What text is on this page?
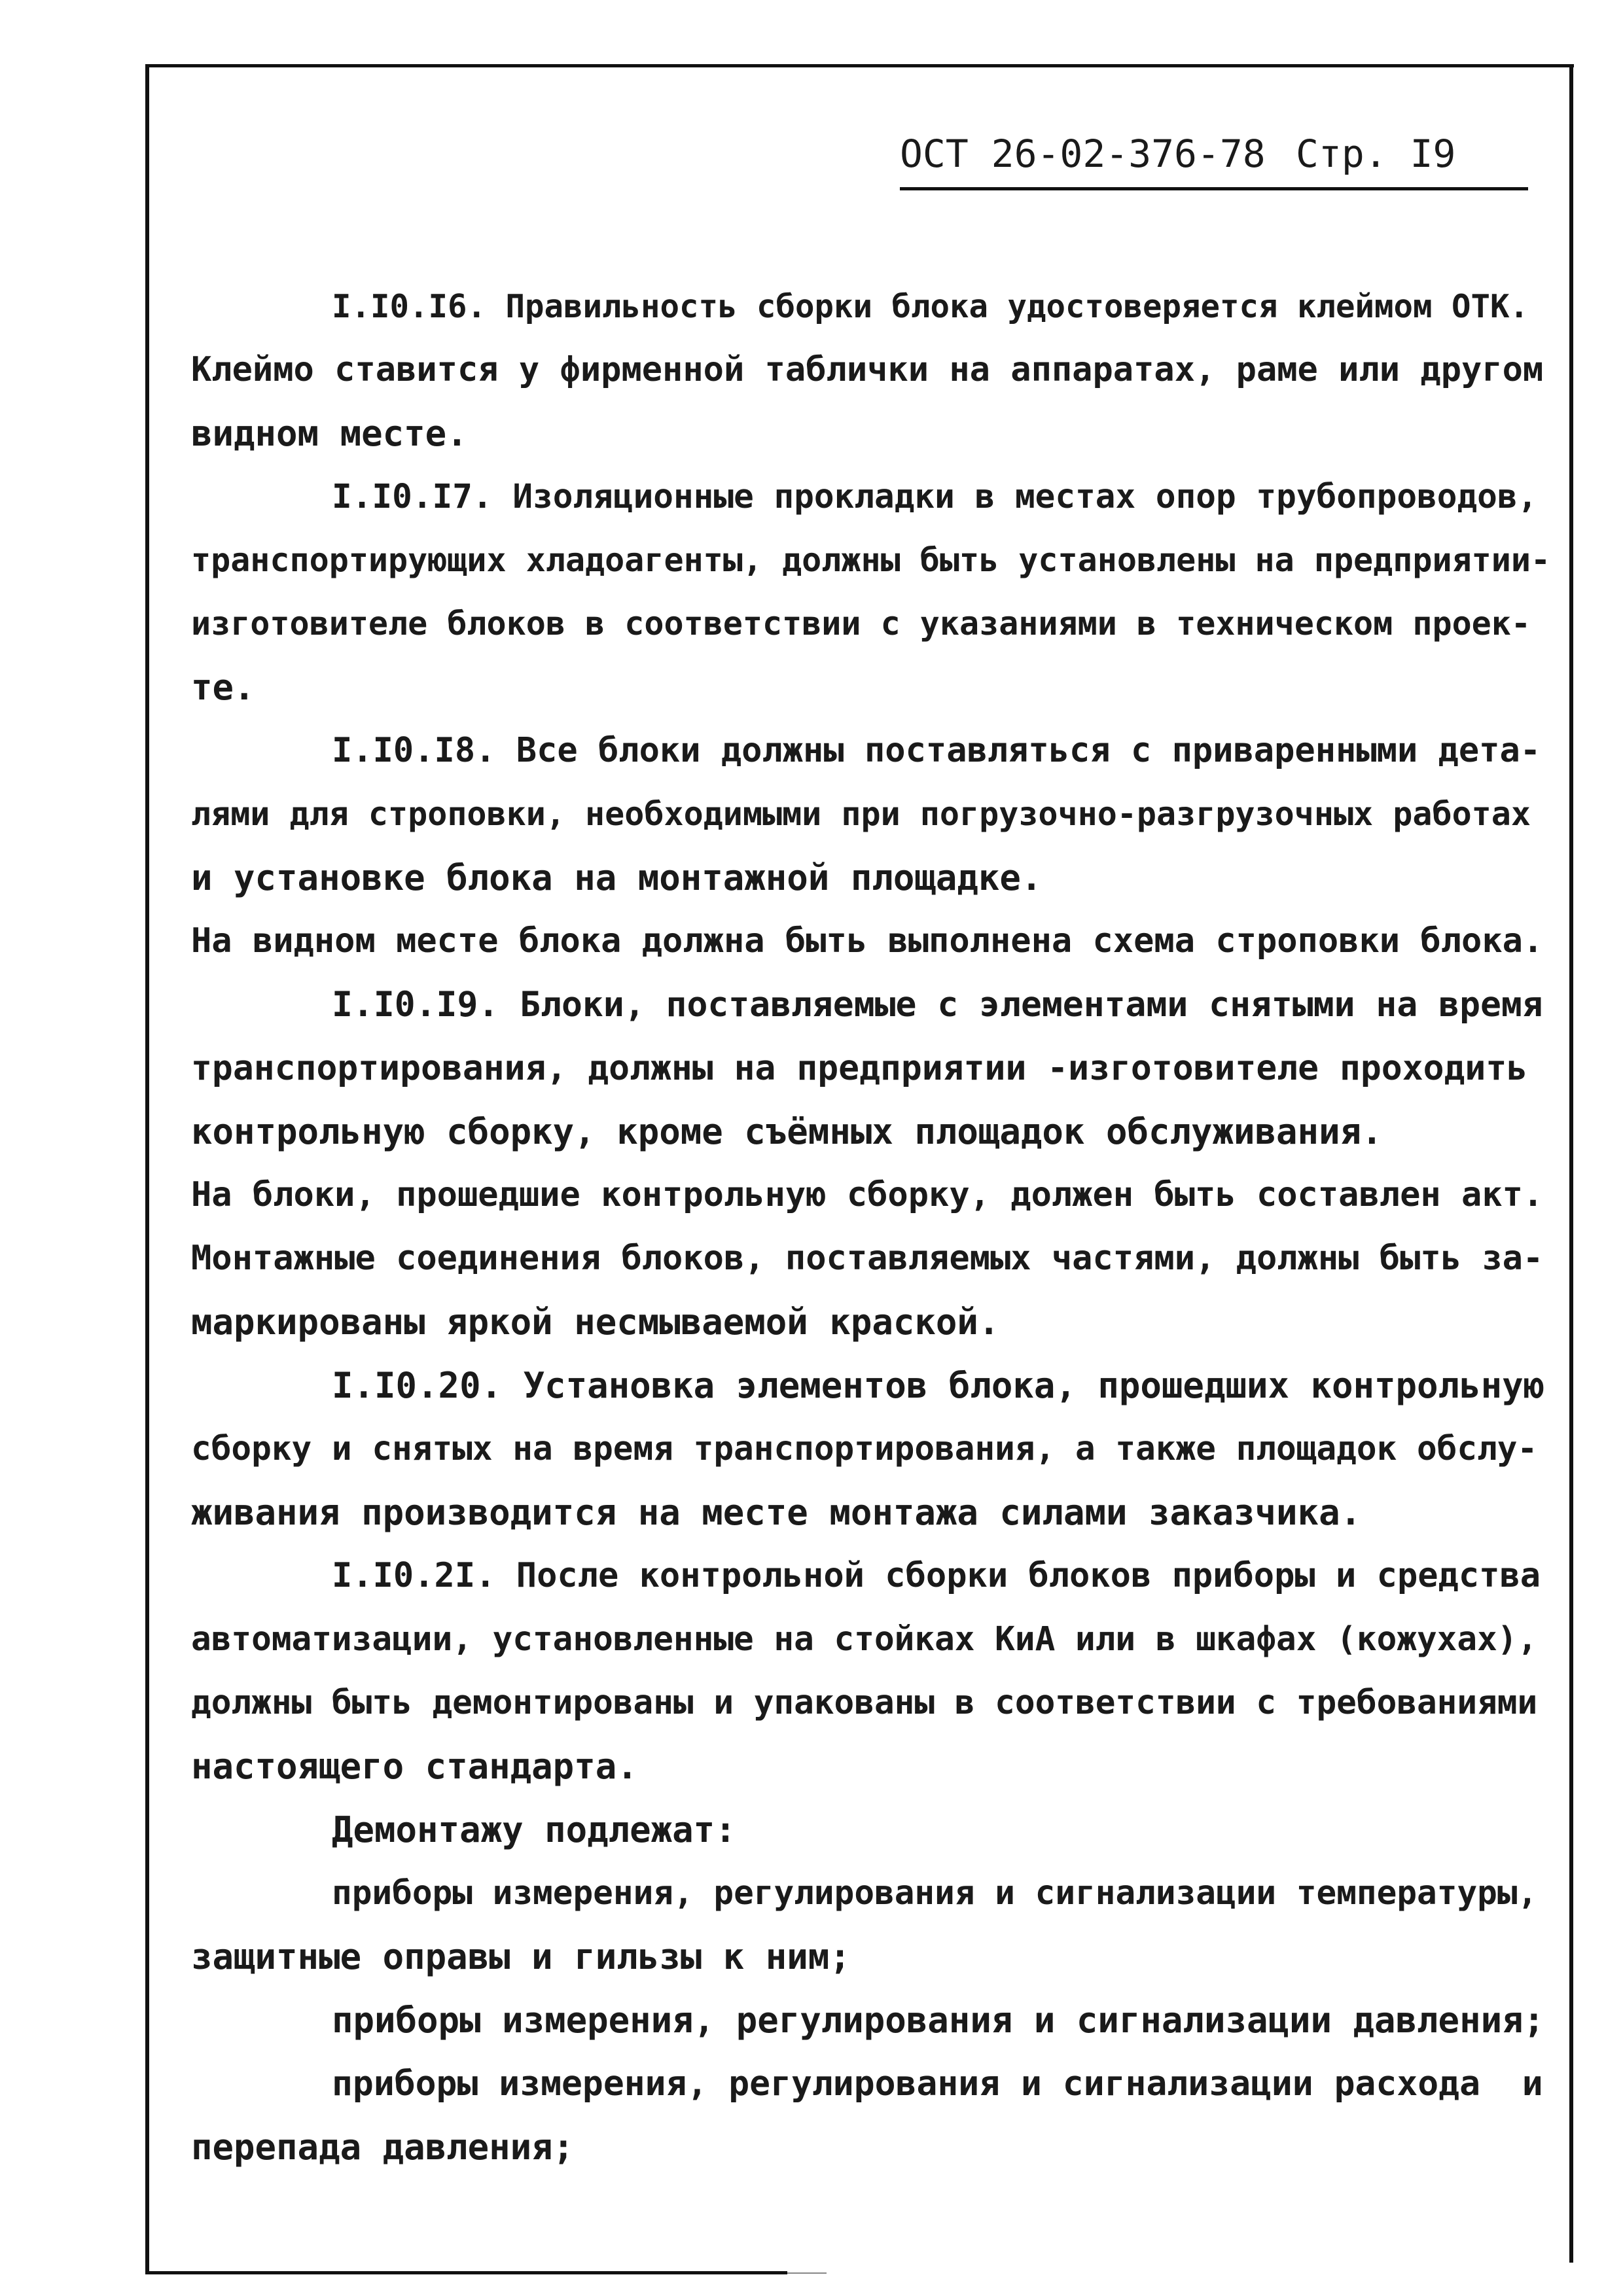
ОСТ 26-02-376-78

Стр. I9

I.I0.I6. Правильность сборки блока удостоверяется клеймом ОТК.
Клеймо ставится у фирменной таблички на аппаратах, раме или другом
видном месте.
I.I0.I7. Изоляционные прокладки в местах опор трубопроводов,
транспортирующих хладоагенты, должны быть установлены на предприятии-
изготовителе блоков в соответствии с указаниями в техническом проек-
те.
I.I0.I8. Все блоки должны поставляться с приваренными дета-
лями для строповки, необходимыми при погрузочно-разгрузочных работах
и установке блока на монтажной площадке.
На видном месте блока должна быть выполнена схема строповки блока.
I.I0.I9. Блоки, поставляемые с элементами снятыми на время
транспортирования, должны на предприятии -изготовителе проходить
контрольную сборку, кроме съёмных площадок обслуживания.
На блоки, прошедшие контрольную сборку, должен быть составлен акт.
Монтажные соединения блоков, поставляемых частями, должны быть за-
маркированы яркой несмываемой краской.
I.I0.20. Установка элементов блока, прошедших контрольную
сборку и снятых на время транспортирования, а также площадок обслу-
живания производится на месте монтажа силами заказчика.
I.I0.2I. После контрольной сборки блоков приборы и средства
автоматизации, установленные на стойках КиА или в шкафах (кожухах),
должны быть демонтированы и упакованы в соответствии с требованиями
настоящего стандарта.
Демонтажу подлежат:
приборы измерения, регулирования и сигнализации температуры,
защитные оправы и гильзы к ним;
приборы измерения, регулирования и сигнализации давления;
приборы измерения, регулирования и сигнализации расхода  и
перепада давления;
